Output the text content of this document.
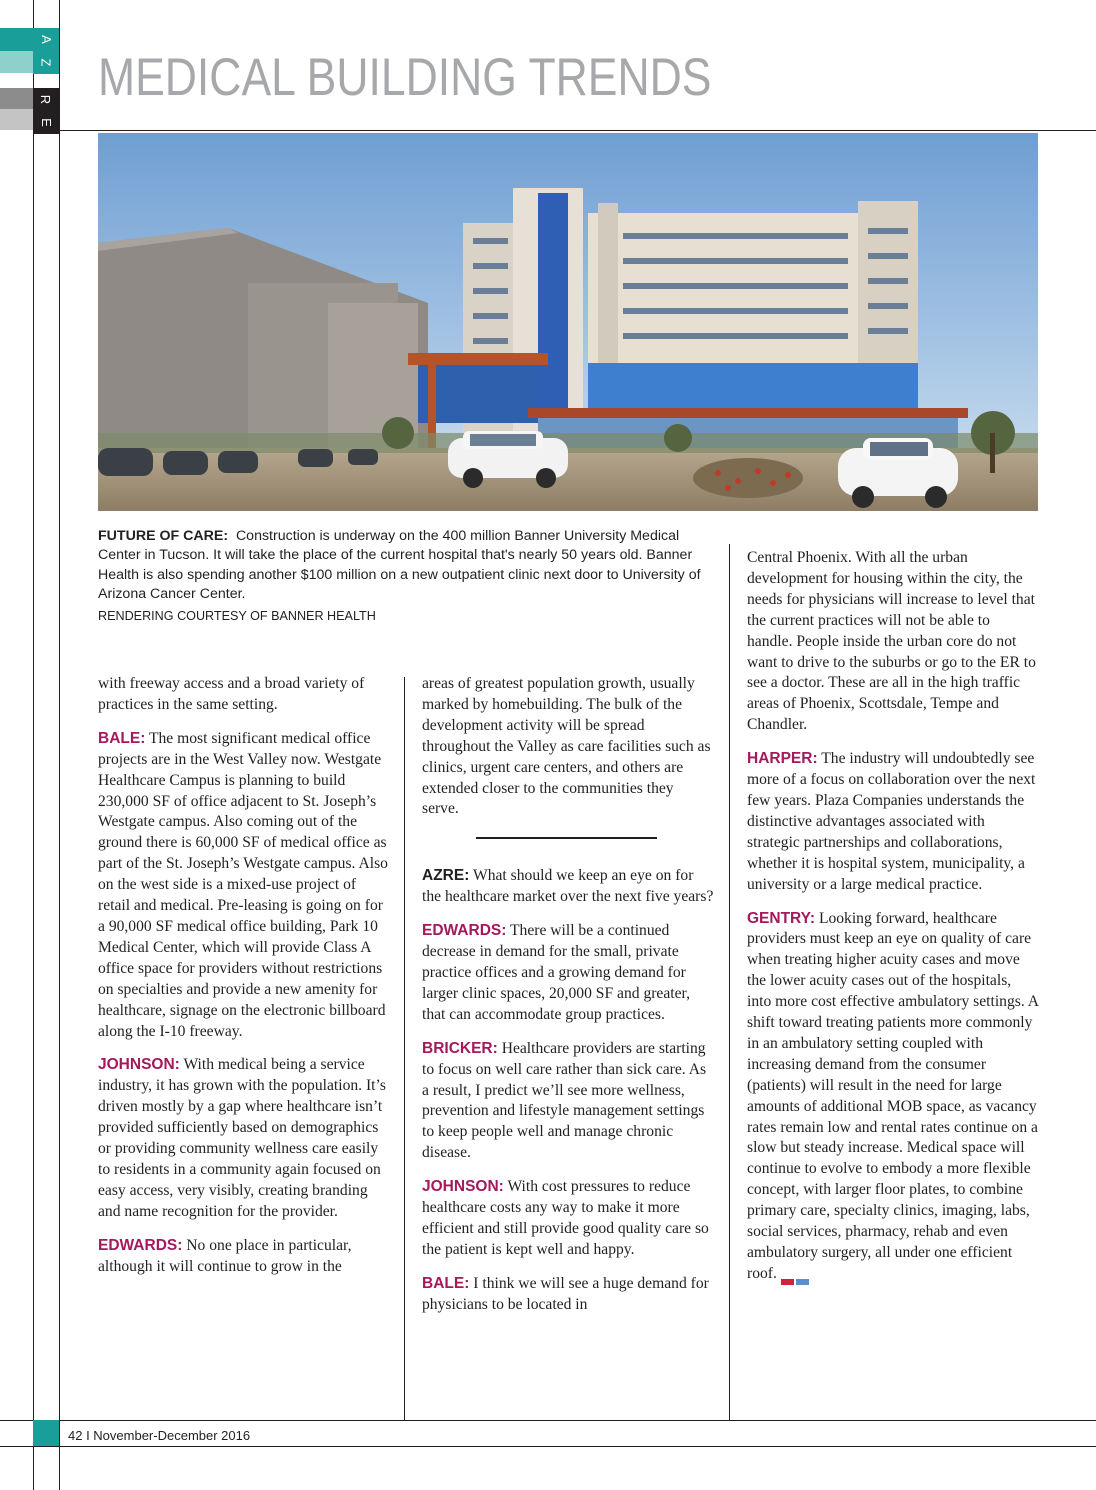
A
Z
R
E
MEDICAL BUILDING TRENDS
FUTURE OF CARE: Construction is underway on the 400 million Banner University Medical Center in Tucson. It will take the place of the current hospital that's nearly 50 years old. Banner Health is also spending another $100 million on a new outpatient clinic next door to University of Arizona Cancer Center.
RENDERING COURTESY OF BANNER HEALTH

with freeway access and a broad variety of practices in the same setting.

BALE: The most significant medical office projects are in the West Valley now. Westgate Healthcare Campus is planning to build 230,000 SF of office adjacent to St. Joseph’s Westgate campus. Also coming out of the ground there is 60,000 SF of medical office as part of the St. Joseph’s Westgate campus. Also on the west side is a mixed-use project of retail and medical. Pre-leasing is going on for a 90,000 SF medical office building, Park 10 Medical Center, which will provide Class A office space for providers without restrictions on specialties and provide a new amenity for healthcare, signage on the electronic billboard along the I-10 freeway.

JOHNSON: With medical being a service industry, it has grown with the population. It’s driven mostly by a gap where healthcare isn’t provided sufficiently based on demographics or providing community wellness care easily to residents in a community again focused on easy access, very visibly, creating branding and name recognition for the provider.

EDWARDS: No one place in particular, although it will continue to grow in the

areas of greatest population growth, usually marked by homebuilding. The bulk of the development activity will be spread throughout the Valley as care facilities such as clinics, urgent care centers, and others are extended closer to the communities they serve.

AZRE: What should we keep an eye on for the healthcare market over the next five years?

EDWARDS: There will be a continued decrease in demand for the small, private practice offices and a growing demand for larger clinic spaces, 20,000 SF and greater, that can accommodate group practices.

BRICKER: Healthcare providers are starting to focus on well care rather than sick care. As a result, I predict we’ll see more wellness, prevention and lifestyle management settings to keep people well and manage chronic disease.

JOHNSON: With cost pressures to reduce healthcare costs any way to make it more efficient and still provide good quality care so the patient is kept well and happy.

BALE: I think we will see a huge demand for physicians to be located in

Central Phoenix. With all the urban development for housing within the city, the needs for physicians will increase to level that the current practices will not be able to handle. People inside the urban core do not want to drive to the suburbs or go to the ER to see a doctor. These are all in the high traffic areas of Phoenix, Scottsdale, Tempe and Chandler.

HARPER: The industry will undoubtedly see more of a focus on collaboration over the next few years. Plaza Companies understands the distinctive advantages associated with strategic partnerships and collaborations, whether it is hospital system, municipality, a university or a large medical practice.

GENTRY: Looking forward, healthcare providers must keep an eye on quality of care when treating higher acuity cases and move the lower acuity cases out of the hospitals, into more cost effective ambulatory settings. A shift toward treating patients more commonly in an ambulatory setting coupled with increasing demand from the consumer (patients) will result in the need for large amounts of additional MOB space, as vacancy rates remain low and rental rates continue on a slow but steady increase. Medical space will continue to evolve to embody a more flexible concept, with larger floor plates, to combine primary care, specialty clinics, imaging, labs, social services, pharmacy, rehab and even ambulatory surgery, all under one efficient roof.

42 I November-December 2016
